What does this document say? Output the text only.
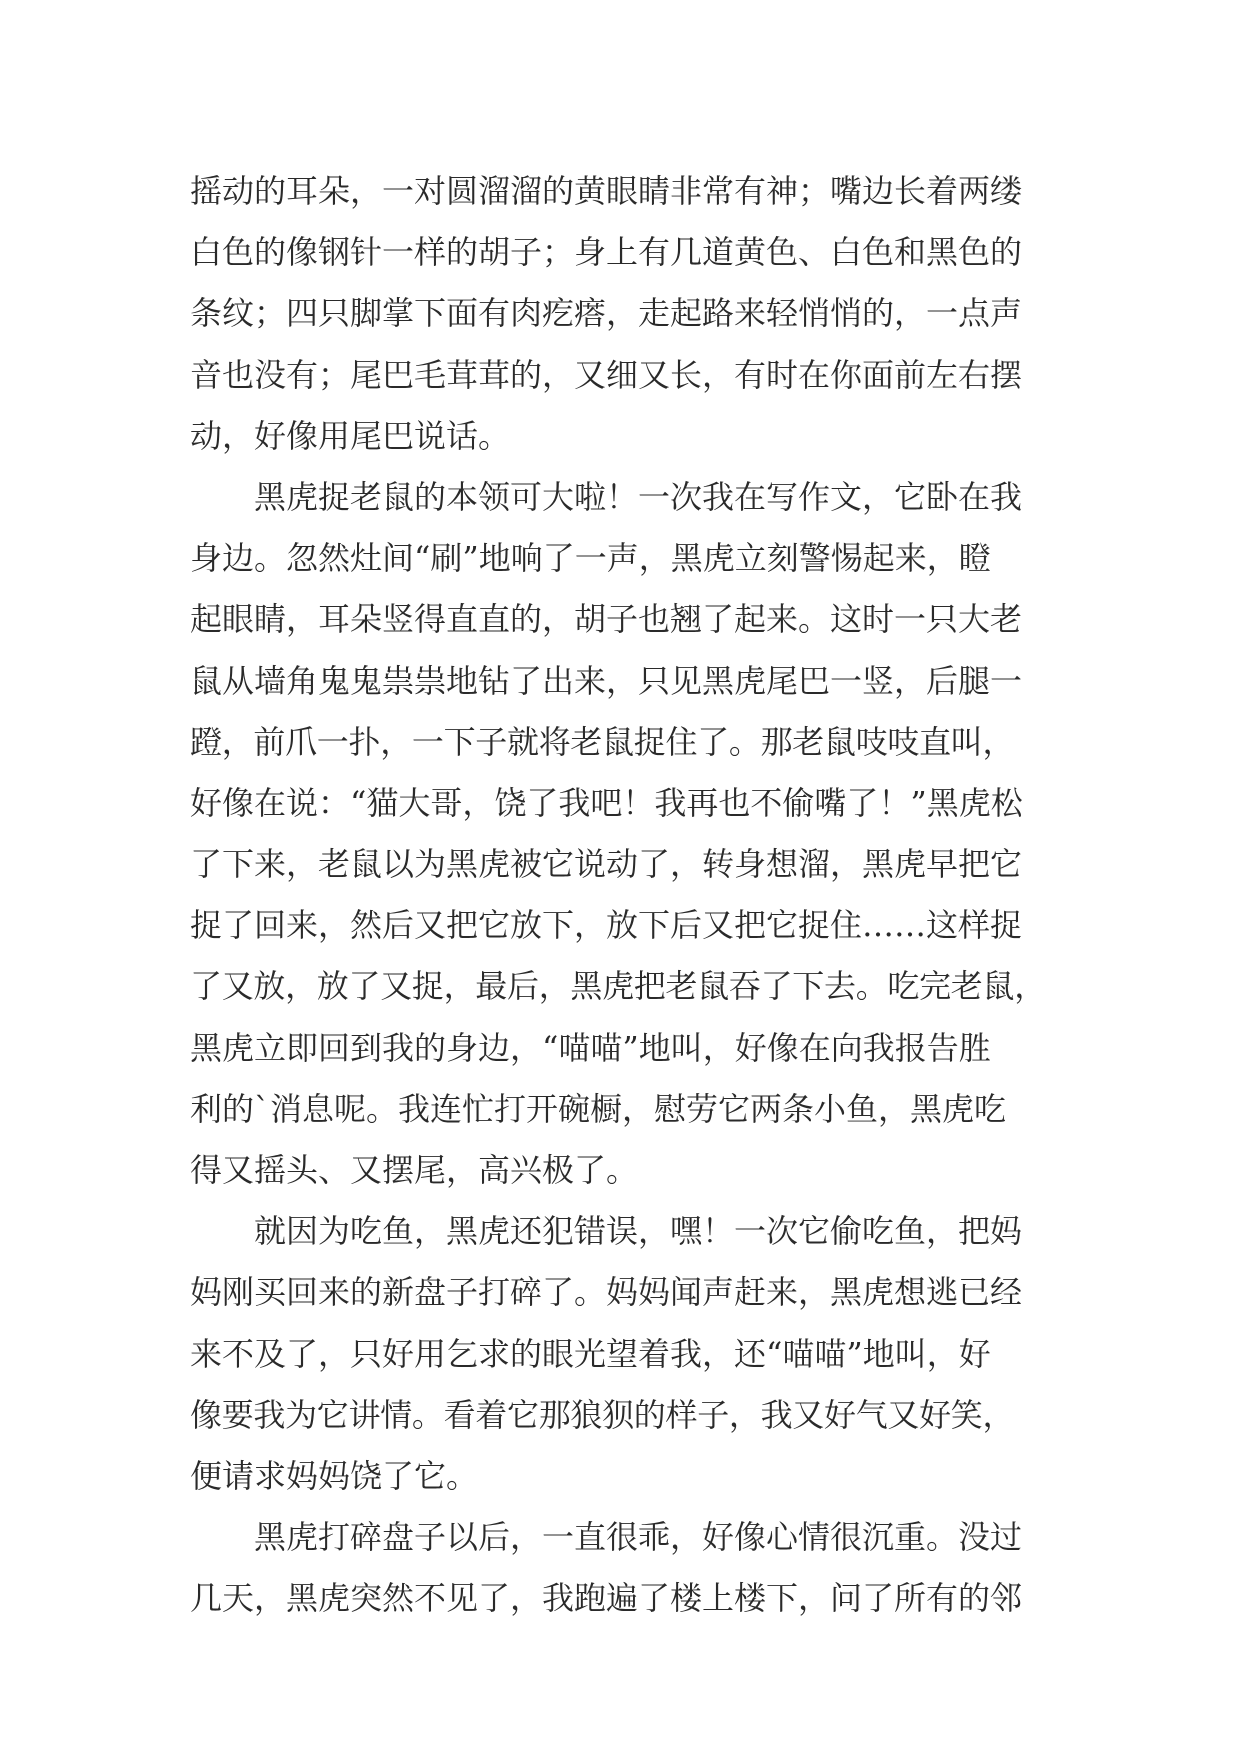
摇动的耳朵，一对圆溜溜的黄眼睛非常有神；嘴边长着两缕
白色的像钢针一样的胡子；身上有几道黄色、白色和黑色的
条纹；四只脚掌下面有肉疙瘩，走起路来轻悄悄的，一点声
音也没有；尾巴毛茸茸的，又细又长，有时在你面前左右摆
动，好像用尾巴说话。
黑虎捉老鼠的本领可大啦！一次我在写作文，它卧在我
身边。忽然灶间“刷”地响了一声，黑虎立刻警惕起来，瞪
起眼睛，耳朵竖得直直的，胡子也翘了起来。这时一只大老
鼠从墙角鬼鬼祟祟地钻了出来，只见黑虎尾巴一竖，后腿一
蹬，前爪一扑，一下子就将老鼠捉住了。那老鼠吱吱直叫，
好像在说：“猫大哥，饶了我吧！我再也不偷嘴了！”黑虎松
了下来，老鼠以为黑虎被它说动了，转身想溜，黑虎早把它
捉了回来，然后又把它放下，放下后又把它捉住……这样捉
了又放，放了又捉，最后，黑虎把老鼠吞了下去。吃完老鼠，
黑虎立即回到我的身边，“喵喵”地叫，好像在向我报告胜
利的`消息呢。我连忙打开碗橱，慰劳它两条小鱼，黑虎吃
得又摇头、又摆尾，高兴极了。
就因为吃鱼，黑虎还犯错误，嘿！一次它偷吃鱼，把妈
妈刚买回来的新盘子打碎了。妈妈闻声赶来，黑虎想逃已经
来不及了，只好用乞求的眼光望着我，还“喵喵”地叫，好
像要我为它讲情。看着它那狼狈的样子，我又好气又好笑，
便请求妈妈饶了它。
黑虎打碎盘子以后，一直很乖，好像心情很沉重。没过
几天，黑虎突然不见了，我跑遍了楼上楼下，问了所有的邻
